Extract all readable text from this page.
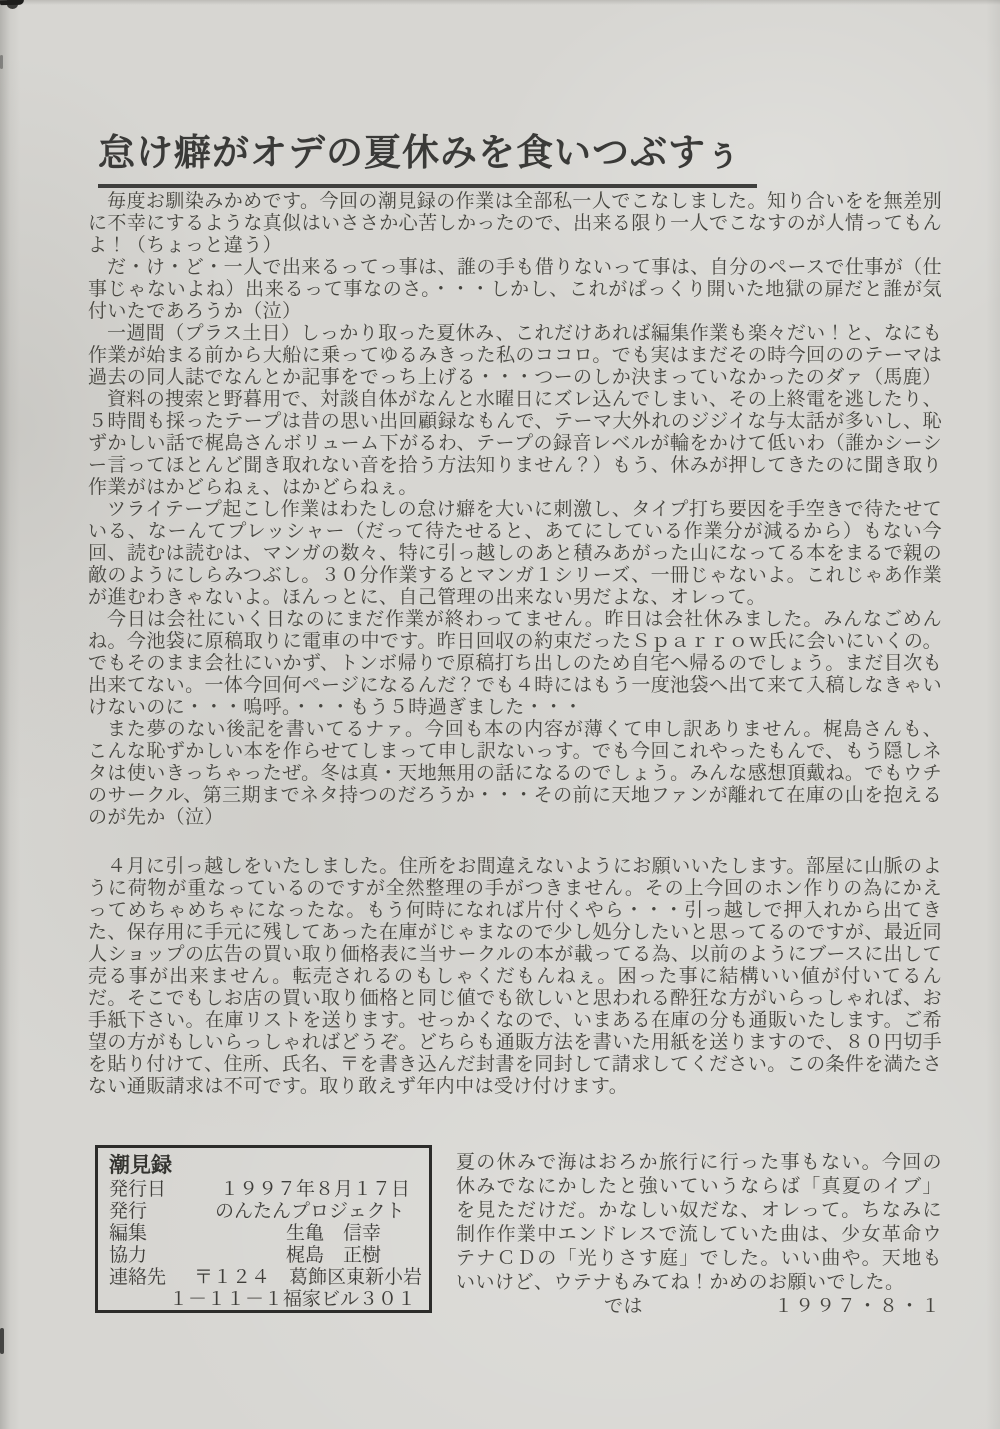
怠け癖がオデの夏休みを食いつぶすぅ

毎度お馴染みかめです。今回の潮見録の作業は全部私一人でこなしました。知り合いをを無差別に不幸にするような真似はいささか心苦しかったので、出来る限り一人でこなすのが人情ってもんよ！（ちょっと違う）

だ・け・ど・一人で出来るってっ事は、誰の手も借りないって事は、自分のペースで仕事が（仕事じゃないよね）出来るって事なのさ。・・・しかし、これがぱっくり開いた地獄の扉だと誰が気付いたであろうか（泣）

一週間（プラス土日）しっかり取った夏休み、これだけあれば編集作業も楽々だい！と、なにも作業が始まる前から大船に乗ってゆるみきった私のココロ。でも実はまだその時今回ののテーマは過去の同人誌でなんとか記事をでっち上げる・・・つーのしか決まっていなかったのダァ（馬鹿）

資料の捜索と野暮用で、対談自体がなんと水曜日にズレ込んでしまい、その上終電を逃したり、５時間も採ったテープは昔の思い出回顧録なもんで、テーマ大外れのジジイな与太話が多いし、恥ずかしい話で梶島さんボリューム下がるわ、テープの録音レベルが輪をかけて低いわ（誰かシーシー言ってほとんど聞き取れない音を拾う方法知りません？）もう、休みが押してきたのに聞き取り作業がはかどらねぇ、はかどらねぇ。

ツライテープ起こし作業はわたしの怠け癖を大いに刺激し、タイプ打ち要因を手空きで待たせている、なーんてプレッシャー（だって待たせると、あてにしている作業分が減るから）もない今回、読むは読むは、マンガの数々、特に引っ越しのあと積みあがった山になってる本をまるで親の敵のようにしらみつぶし。３０分作業するとマンガ１シリーズ、一冊じゃないよ。これじゃあ作業が進むわきゃないよ。ほんっとに、自己管理の出来ない男だよな、オレって。

今日は会社にいく日なのにまだ作業が終わってません。昨日は会社休みました。みんなごめんね。今池袋に原稿取りに電車の中です。昨日回収の約束だったＳｐａｒｒｏｗ氏に会いにいくの。でもそのまま会社にいかず、トンボ帰りで原稿打ち出しのため自宅へ帰るのでしょう。まだ目次も出来てない。一体今回何ページになるんだ？でも４時にはもう一度池袋へ出て来て入稿しなきゃいけないのに・・・嗚呼。・・・もう５時過ぎました・・・

また夢のない後記を書いてるナァ。今回も本の内容が薄くて申し訳ありません。梶島さんも、こんな恥ずかしい本を作らせてしまって申し訳ないっす。でも今回これやったもんで、もう隠しネタは使いきっちゃったぜ。冬は真・天地無用の話になるのでしょう。みんな感想頂戴ね。でもウチのサークル、第三期までネタ持つのだろうか・・・その前に天地ファンが離れて在庫の山を抱えるのが先か（泣）

４月に引っ越しをいたしました。住所をお間違えないようにお願いいたします。部屋に山脈のように荷物が重なっているのですが全然整理の手がつきません。その上今回のホン作りの為にかえってめちゃめちゃになったな。もう何時になれば片付くやら・・・引っ越しで押入れから出てきた、保存用に手元に残してあった在庫がじゃまなので少し処分したいと思ってるのですが、最近同人ショップの広告の買い取り価格表に当サークルの本が載ってる為、以前のようにブースに出して売る事が出来ません。転売されるのもしゃくだもんねぇ。困った事に結構いい値が付いてるんだ。そこでもしお店の買い取り価格と同じ値でも欲しいと思われる酔狂な方がいらっしゃれば、お手紙下さい。在庫リストを送ります。せっかくなので、いまある在庫の分も通販いたします。ご希望の方がもしいらっしゃればどうぞ。どちらも通販方法を書いた用紙を送りますので、８０円切手を貼り付けて、住所、氏名、〒を書き込んだ封書を同封して請求してください。この条件を満たさない通販請求は不可です。取り敢えず年内中は受け付けます。

潮見録
発行日	１９９７年８月１７日
発行	のんたんプロジェクト
編集	生亀　信幸
協力	梶島　正樹
連絡先	〒１２４　葛飾区東新小岩
１－１１－１福家ビル３０１

夏の休みで海はおろか旅行に行った事もない。今回の休みでなにかしたと強いていうならば「真夏のイブ」を見ただけだ。かなしい奴だな、オレって。ちなみに制作作業中エンドレスで流していた曲は、少女革命ウテナＣＤの「光りさす庭」でした。いい曲や。天地もいいけど、ウテナもみてね！かめのお願いでした。

では	１９９７・８・１
